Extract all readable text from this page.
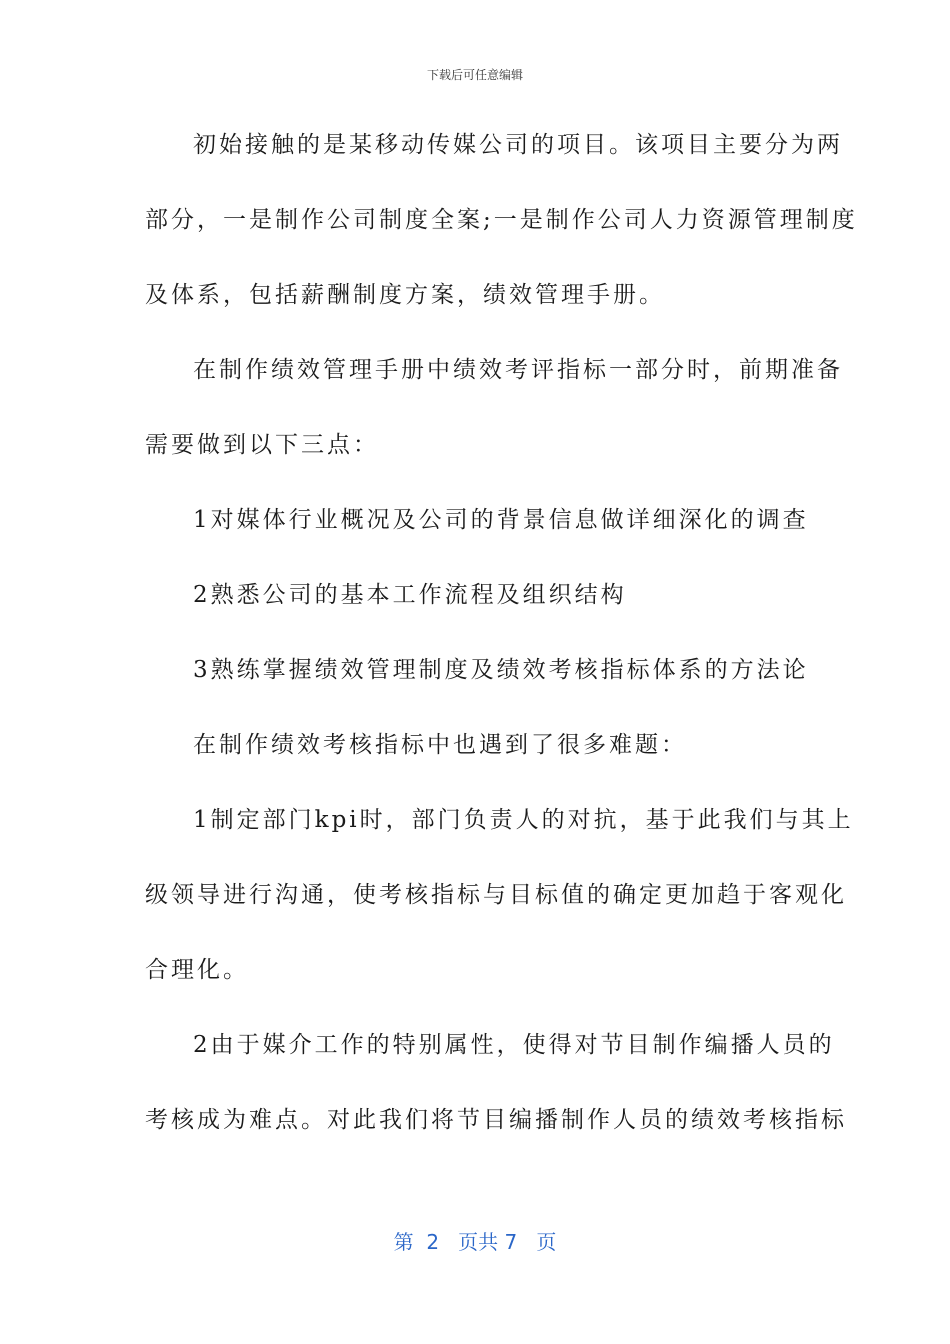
下载后可任意编辑
初始接触的是某移动传媒公司的项目。该项目主要分为两
部分，一是制作公司制度全案;一是制作公司人力资源管理制度
及体系，包括薪酬制度方案，绩效管理手册。
在制作绩效管理手册中绩效考评指标一部分时，前期准备
需要做到以下三点：
1对媒体行业概况及公司的背景信息做详细深化的调查
2熟悉公司的基本工作流程及组织结构
3熟练掌握绩效管理制度及绩效考核指标体系的方法论
在制作绩效考核指标中也遇到了很多难题：
1制定部门kpi时，部门负责人的对抗，基于此我们与其上
级领导进行沟通，使考核指标与目标值的确定更加趋于客观化
合理化。
2由于媒介工作的特别属性，使得对节目制作编播人员的
考核成为难点。对此我们将节目编播制作人员的绩效考核指标
第 2 页共 7 页
